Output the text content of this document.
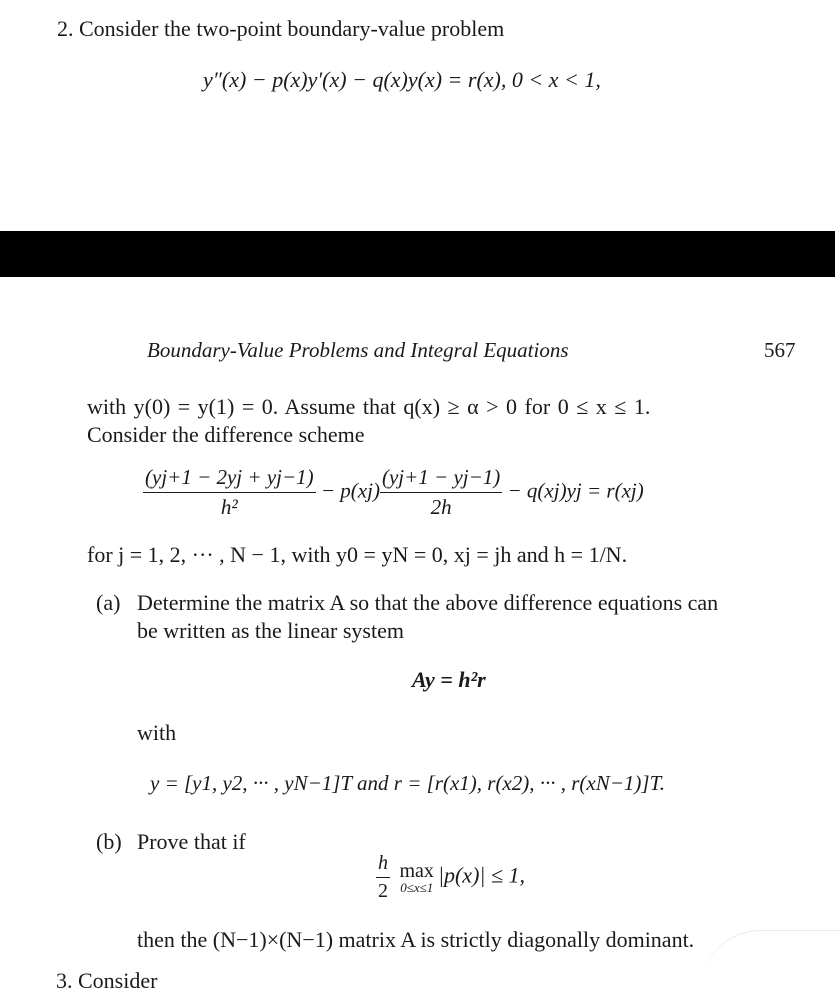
2. Consider the two-point boundary-value problem
y″(x) − p(x)y′(x) − q(x)y(x) = r(x), 0 < x < 1,
Boundary-Value Problems and Integral Equations	567
with y(0) = y(1) = 0. Assume that q(x) ≥ α > 0 for 0 ≤ x ≤ 1.
Consider the difference scheme
$\frac{(yj+1 - 2yj + yj-1)}{\text{h²}} - p(xj) \frac{(yj+1 - yj-1)}{2h} - q(xj)yj = r(xj)$
for j = 1, 2, ··· , N − 1, with y0 = yN = 0, xj = jh and h = 1/N.
(a) Determine the matrix A so that the above difference equations can
be written as the linear system
Ay = h²r
with
y = [y1, y2, ··· , yN−1]T and r = [r(x1), r(x2), ··· , r(xN−1)]T.
(b) Prove that if
$\frac{h}{2}$
max
0≤x≤1 |p(x)| ≤ 1,
then the (N−1)×(N−1) matrix A is strictly diagonally dominant.
3. Consider
